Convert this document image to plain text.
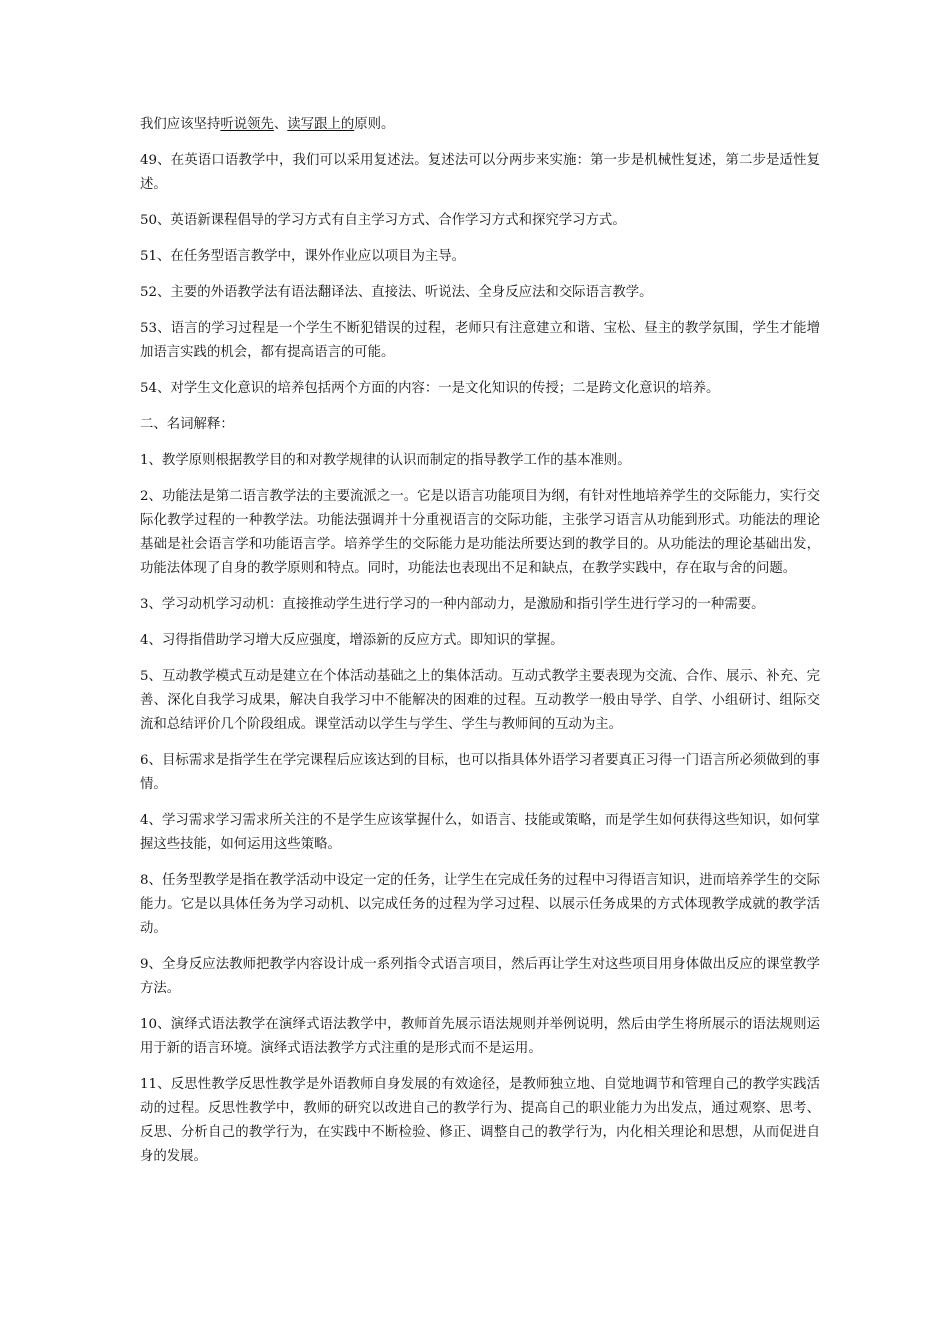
我们应该坚持听说领先、读写跟上的原则。

49、在英语口语教学中，我们可以采用复述法。复述法可以分两步来实施：第一步是机械性复述，第二步是适性复述。

50、英语新课程倡导的学习方式有自主学习方式、合作学习方式和探究学习方式。

51、在任务型语言教学中，课外作业应以项目为主导。

52、主要的外语教学法有语法翻译法、直接法、听说法、全身反应法和交际语言教学。

53、语言的学习过程是一个学生不断犯错误的过程，老师只有注意建立和谐、宝松、昼主的教学氛围，学生才能增加语言实践的机会，都有提高语言的可能。

54、对学生文化意识的培养包括两个方面的内容：一是文化知识的传授；二是跨文化意识的培养。

二、名词解释：

1、教学原则根据教学目的和对教学规律的认识而制定的指导教学工作的基本准则。

2、功能法是第二语言教学法的主要流派之一。它是以语言功能项目为纲，有针对性地培养学生的交际能力，实行交际化教学过程的一种教学法。功能法强调并十分重视语言的交际功能，主张学习语言从功能到形式。功能法的理论基础是社会语言学和功能语言学。培养学生的交际能力是功能法所要达到的教学目的。从功能法的理论基础出发，功能法体现了自身的教学原则和特点。同时，功能法也表现出不足和缺点，在教学实践中，存在取与舍的问题。

3、学习动机学习动机：直接推动学生进行学习的一种内部动力，是激励和指引学生进行学习的一种需要。

4、习得指借助学习增大反应强度，增添新的反应方式。即知识的掌握。

5、互动教学模式互动是建立在个体活动基础之上的集体活动。互动式教学主要表现为交流、合作、展示、补充、完善、深化自我学习成果，解决自我学习中不能解决的困难的过程。互动教学一般由导学、自学、小组研讨、组际交流和总结评价几个阶段组成。课堂活动以学生与学生、学生与教师间的互动为主。

6、目标需求是指学生在学完课程后应该达到的目标，也可以指具体外语学习者要真正习得一门语言所必须做到的事情。

4、学习需求学习需求所关注的不是学生应该掌握什么，如语言、技能或策略，而是学生如何获得这些知识，如何掌握这些技能，如何运用这些策略。

8、任务型教学是指在教学活动中设定一定的任务，让学生在完成任务的过程中习得语言知识，进而培养学生的交际能力。它是以具体任务为学习动机、以完成任务的过程为学习过程、以展示任务成果的方式体现教学成就的教学活动。

9、全身反应法教师把教学内容设计成一系列指令式语言项目，然后再让学生对这些项目用身体做出反应的课堂教学方法。

10、演绎式语法教学在演绎式语法教学中，教师首先展示语法规则并举例说明，然后由学生将所展示的语法规则运用于新的语言环境。演绎式语法教学方式注重的是形式而不是运用。

11、反思性教学反思性教学是外语教师自身发展的有效途径，是教师独立地、自觉地调节和管理自己的教学实践活动的过程。反思性教学中，教师的研究以改进自己的教学行为、提高自己的职业能力为出发点，通过观察、思考、反思、分析自己的教学行为，在实践中不断检验、修正、调整自己的教学行为，内化相关理论和思想，从而促进自身的发展。
